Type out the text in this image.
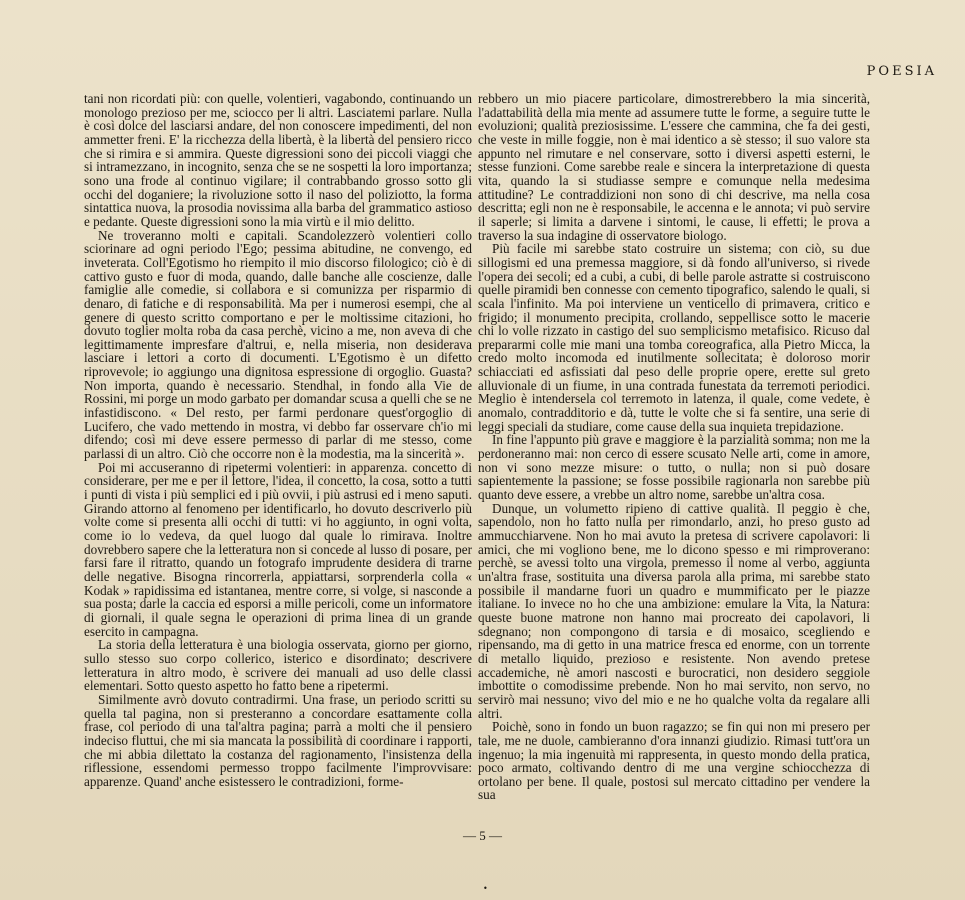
POESIA

tani non ricordati più: con quelle, volentieri, vagabondo, continuando un monologo prezioso per me, sciocco per li altri. Lasciatemi parlare. Nulla è così dolce del lasciarsi andare, del non conoscere impedimenti, del non ammetter freni. E' la ricchezza della libertà, è la libertà del pensiero ricco che si rimira e si ammira. Queste digressioni sono dei piccoli viaggi che si intramezzano, in incognito, senza che se ne sospetti la loro importanza; sono una frode al continuo vigilare; il contrabbando grosso sotto gli occhi del doganiere; la rivoluzione sotto il naso del poliziotto, la forma sintattica nuova, la prosodia novissima alla barba del grammatico astioso e pedante. Queste digressioni sono la mia virtù e il mio delitto.

Ne troveranno molti e capitali. Scandolezzerò volentieri collo sciorinare ad ogni periodo l'Ego; pessima abitudine, ne convengo, ed inveterata. Coll'Egotismo ho riempito il mio discorso filologico; ciò è di cattivo gusto e fuor di moda, quando, dalle banche alle coscienze, dalle famiglie alle comedie, si collabora e si comunizza per risparmio di denaro, di fatiche e di responsabilità. Ma per i numerosi esempi, che al genere di questo scritto comportano e per le moltissime citazioni, ho dovuto toglier molta roba da casa perchè, vicino a me, non aveva di che legittimamente impresfare d'altrui, e, nella miseria, non desiderava lasciare i lettori a corto di documenti. L'Egotismo è un difetto riprovevole; io aggiungo una dignitosa espressione di orgoglio. Guasta? Non importa, quando è necessario. Stendhal, in fondo alla Vie de Rossini, mi porge un modo garbato per domandar scusa a quelli che se ne infastidiscono. « Del resto, per farmi perdonare quest'orgoglio di Lucifero, che vado mettendo in mostra, vi debbo far osservare ch'io mi difendo; così mi deve essere permesso di parlar di me stesso, come parlassi di un altro. Ciò che occorre non è la modestia, ma la sincerità ».

Poi mi accuseranno di ripetermi volentieri: in apparenza. concetto di considerare, per me e per il lettore, l'idea, il concetto, la cosa, sotto a tutti i punti di vista i più semplici ed i più ovvii, i più astrusi ed i meno saputi. Girando attorno al fenomeno per identificarlo, ho dovuto descriverlo più volte come si presenta alli occhi di tutti: vi ho aggiunto, in ogni volta, come io lo vedeva, da quel luogo dal quale lo rimirava. Inoltre dovrebbero sapere che la letteratura non si concede al lusso di posare, per farsi fare il ritratto, quando un fotografo imprudente desidera di trarne delle negative. Bisogna rincorrerla, appiattarsi, sorprenderla colla « Kodak » rapidissima ed istantanea, mentre corre, si volge, si nasconde a sua posta; darle la caccia ed esporsi a mille pericoli, come un informatore di giornali, il quale segna le operazioni di prima linea di un grande esercito in campagna.

La storia della letteratura è una biologia osservata, giorno per giorno, sullo stesso suo corpo collerico, isterico e disordinato; descrivere letteratura in altro modo, è scrivere dei manuali ad uso delle classi elementari. Sotto questo aspetto ho fatto bene a ripetermi.

Similmente avrò dovuto contradirmi. Una frase, un periodo scritti su quella tal pagina, non si presteranno a concordare esattamente colla frase, col periodo di una tal'altra pagina; parrà a molti che il pensiero indeciso fluttui, che mi sia mancata la possibilità di coordinare i rapporti, che mi abbia dilettato la costanza del ragionamento, l'insistenza della riflessione, essendomi permesso troppo facilmente l'improvvisare: apparenze. Quand' anche esistessero le contradizioni, forme-

rebbero un mio piacere particolare, dimostrerebbero la mia sincerità, l'adattabilità della mia mente ad assumere tutte le forme, a seguire tutte le evoluzioni; qualità preziosissime. L'essere che cammina, che fa dei gesti, che veste in mille foggie, non è mai identico a sè stesso; il suo valore sta appunto nel rimutare e nel conservare, sotto i diversi aspetti esterni, le stesse funzioni. Come sarebbe reale e sincera la interpretazione di questa vita, quando la si studiasse sempre e comunque nella medesima attitudine? Le contraddizioni non sono di chi descrive, ma nella cosa descritta; egli non ne è responsabile, le accenna e le annota; vi può servire il saperle; si limita a darvene i sintomi, le cause, li effetti; le prova a traverso la sua indagine di osservatore biologo.

Più facile mi sarebbe stato costruire un sistema; con ciò, su due sillogismi ed una premessa maggiore, si dà fondo all'universo, si rivede l'opera dei secoli; ed a cubi, a cubi, di belle parole astratte si costruiscono quelle piramidi ben connesse con cemento tipografico, salendo le quali, si scala l'infinito. Ma poi interviene un venticello di primavera, critico e frigido; il monumento precipita, crollando, seppellisce sotto le macerie chi lo volle rizzato in castigo del suo semplicismo metafisico. Ricuso dal prepararmi colle mie mani una tomba coreografica, alla Pietro Micca, la credo molto incomoda ed inutilmente sollecitata; è doloroso morir schiacciati ed asfissiati dal peso delle proprie opere, erette sul greto alluvionale di un fiume, in una contrada funestata da terremoti periodici. Meglio è intendersela col terremoto in latenza, il quale, come vedete, è anomalo, contradditorio e dà, tutte le volte che si fa sentire, una serie di leggi speciali da studiare, come cause della sua inquieta trepidazione.

In fine l'appunto più grave e maggiore è la parzialità somma; non me la perdoneranno mai: non cerco di essere scusato Nelle arti, come in amore, non vi sono mezze misure: o tutto, o nulla; non si può dosare sapientemente la passione; se fosse possibile ragionarla non sarebbe più quanto deve essere, a vrebbe un altro nome, sarebbe un'altra cosa.

Dunque, un volumetto ripieno di cattive qualità. Il peggio è che, sapendolo, non ho fatto nulla per rimondarlo, anzi, ho preso gusto ad ammucchiarvene. Non ho mai avuto la pretesa di scrivere capolavori: li amici, che mi vogliono bene, me lo dicono spesso e mi rimproverano: perchè, se avessi tolto una virgola, premesso il nome al verbo, aggiunta un'altra frase, sostituita una diversa parola alla prima, mi sarebbe stato possibile il mandarne fuori un quadro e mummificato per le piazze italiane. Io invece no ho che una ambizione: emulare la Vita, la Natura: queste buone matrone non hanno mai procreato dei capolavori, li sdegnano; non compongono di tarsia e di mosaico, scegliendo e ripensando, ma di getto in una matrice fresca ed enorme, con un torrente di metallo liquido, prezioso e resistente. Non avendo pretese accademiche, nè amori nascosti e burocratici, non desidero seggiole imbottite o comodissime prebende. Non ho mai servito, non servo, no servirò mai nessuno; vivo del mio e ne ho qualche volta da regalare alli altri.

Poichè, sono in fondo un buon ragazzo; se fin qui non mi presero per tale, me ne duole, cambieranno d'ora innanzi giudizio. Rimasi tutt'ora un ingenuo; la mia ingenuità mi rappresenta, in questo mondo della pratica, poco armato, coltivando dentro di me una vergine schiocchezza di ortolano per bene. Il quale, postosi sul mercato cittadino per vendere la sua

— 5 —
•
